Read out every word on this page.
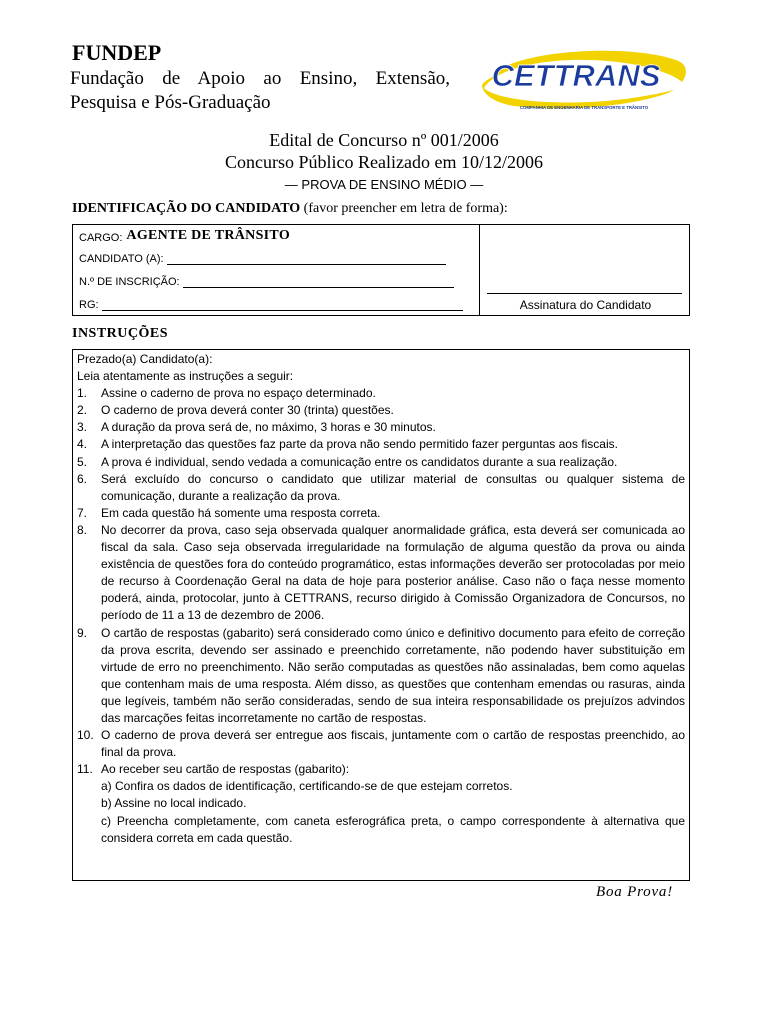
FUNDEP
Fundação de Apoio ao Ensino, Extensão,
Pesquisa e Pós-Graduação
CETTRANS
COMPANHIA DE ENGENHARIA DE TRANSPORTE E TRÂNSITO
Edital de Concurso nº 001/2006
Concurso Público Realizado em 10/12/2006
— PROVA DE ENSINO MÉDIO —
IDENTIFICAÇÃO DO CANDIDATO (favor preencher em letra de forma):
CARGO: AGENTE DE TRÂNSITO
CANDIDATO (A):
N.º DE INSCRIÇÃO:
RG:	Assinatura do Candidato
INSTRUÇÕES

Prezado(a) Candidato(a):

Leia atentamente as instruções a seguir:

1. Assine o caderno de prova no espaço determinado.
2. O caderno de prova deverá conter 30 (trinta) questões.
3. A duração da prova será de, no máximo, 3 horas e 30 minutos.
4. A interpretação das questões faz parte da prova não sendo permitido fazer perguntas aos fiscais.
5. A prova é individual, sendo vedada a comunicação entre os candidatos durante a sua realização.
6. Será excluído do concurso o candidato que utilizar material de consultas ou qualquer sistema de comunicação, durante a realização da prova.
7. Em cada questão há somente uma resposta correta.
8. No decorrer da prova, caso seja observada qualquer anormalidade gráfica, esta deverá ser comunicada ao fiscal da sala. Caso seja observada irregularidade na formulação de alguma questão da prova ou ainda existência de questões fora do conteúdo programático, estas informações deverão ser protocoladas por meio de recurso à Coordenação Geral na data de hoje para posterior análise. Caso não o faça nesse momento poderá, ainda, protocolar, junto à CETTRANS, recurso dirigido à Comissão Organizadora de Concursos, no período de 11 a 13 de dezembro de 2006.
9. O cartão de respostas (gabarito) será considerado como único e definitivo documento para efeito de correção da prova escrita, devendo ser assinado e preenchido corretamente, não podendo haver substituição em virtude de erro no preenchimento. Não serão computadas as questões não assinaladas, bem como aquelas que contenham mais de uma resposta. Além disso, as questões que contenham emendas ou rasuras, ainda que legíveis, também não serão consideradas, sendo de sua inteira responsabilidade os prejuízos advindos das marcações feitas incorretamente no cartão de respostas.
10. O caderno de prova deverá ser entregue aos fiscais, juntamente com o cartão de respostas preenchido, ao final da prova.
11. Ao receber seu cartão de respostas (gabarito):
a) Confira os dados de identificação, certificando-se de que estejam corretos.
b) Assine no local indicado.
c) Preencha completamente, com caneta esferográfica preta, o campo correspondente à alternativa que considera correta em cada questão.
Boa Prova!
